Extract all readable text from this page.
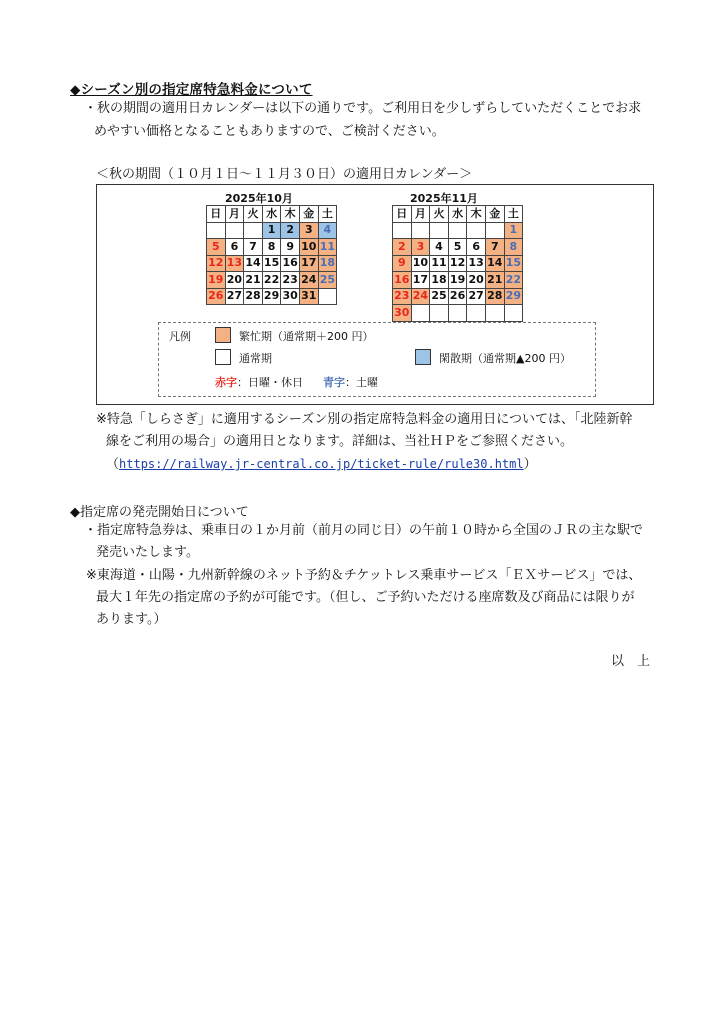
◆シーズン別の指定席特急料金について
・秋の期間の適用日カレンダーは以下の通りです。ご利用日を少しずらしていただくことでお求
めやすい価格となることもありますので、ご検討ください。
＜秋の期間（１０月１日～１１月３０日）の適用日カレンダー＞
2025年10月
日	月	火	水	木	金	土
			1	2	3	4
5	6	7	8	9	10	11
12	13	14	15	16	17	18
19	20	21	22	23	24	25
26	27	28	29	30	31	
2025年11月
日	月	火	水	木	金	土
						1
2	3	4	5	6	7	8
9	10	11	12	13	14	15
16	17	18	19	20	21	22
23	24	25	26	27	28	29
30						
凡例	繁忙期（通常期＋200 円）
通常期	閑散期（通常期▲200 円）
赤字：日曜・休日 青字：土曜
※特急「しらさぎ」に適用するシーズン別の指定席特急料金の適用日については、「北陸新幹
線をご利用の場合」の適用日となります。詳細は、当社ＨＰをご参照ください。
（https://railway.jr-central.co.jp/ticket-rule/rule30.html）
◆指定席の発売開始日について
・指定席特急券は、乗車日の１か月前（前月の同じ日）の午前１０時から全国のＪＲの主な駅で
発売いたします。
※東海道・山陽・九州新幹線のネット予約＆チケットレス乗車サービス「ＥＸサービス」では、
最大１年先の指定席の予約が可能です。（但し、ご予約いただける座席数及び商品には限りが
あります。）
以　上
